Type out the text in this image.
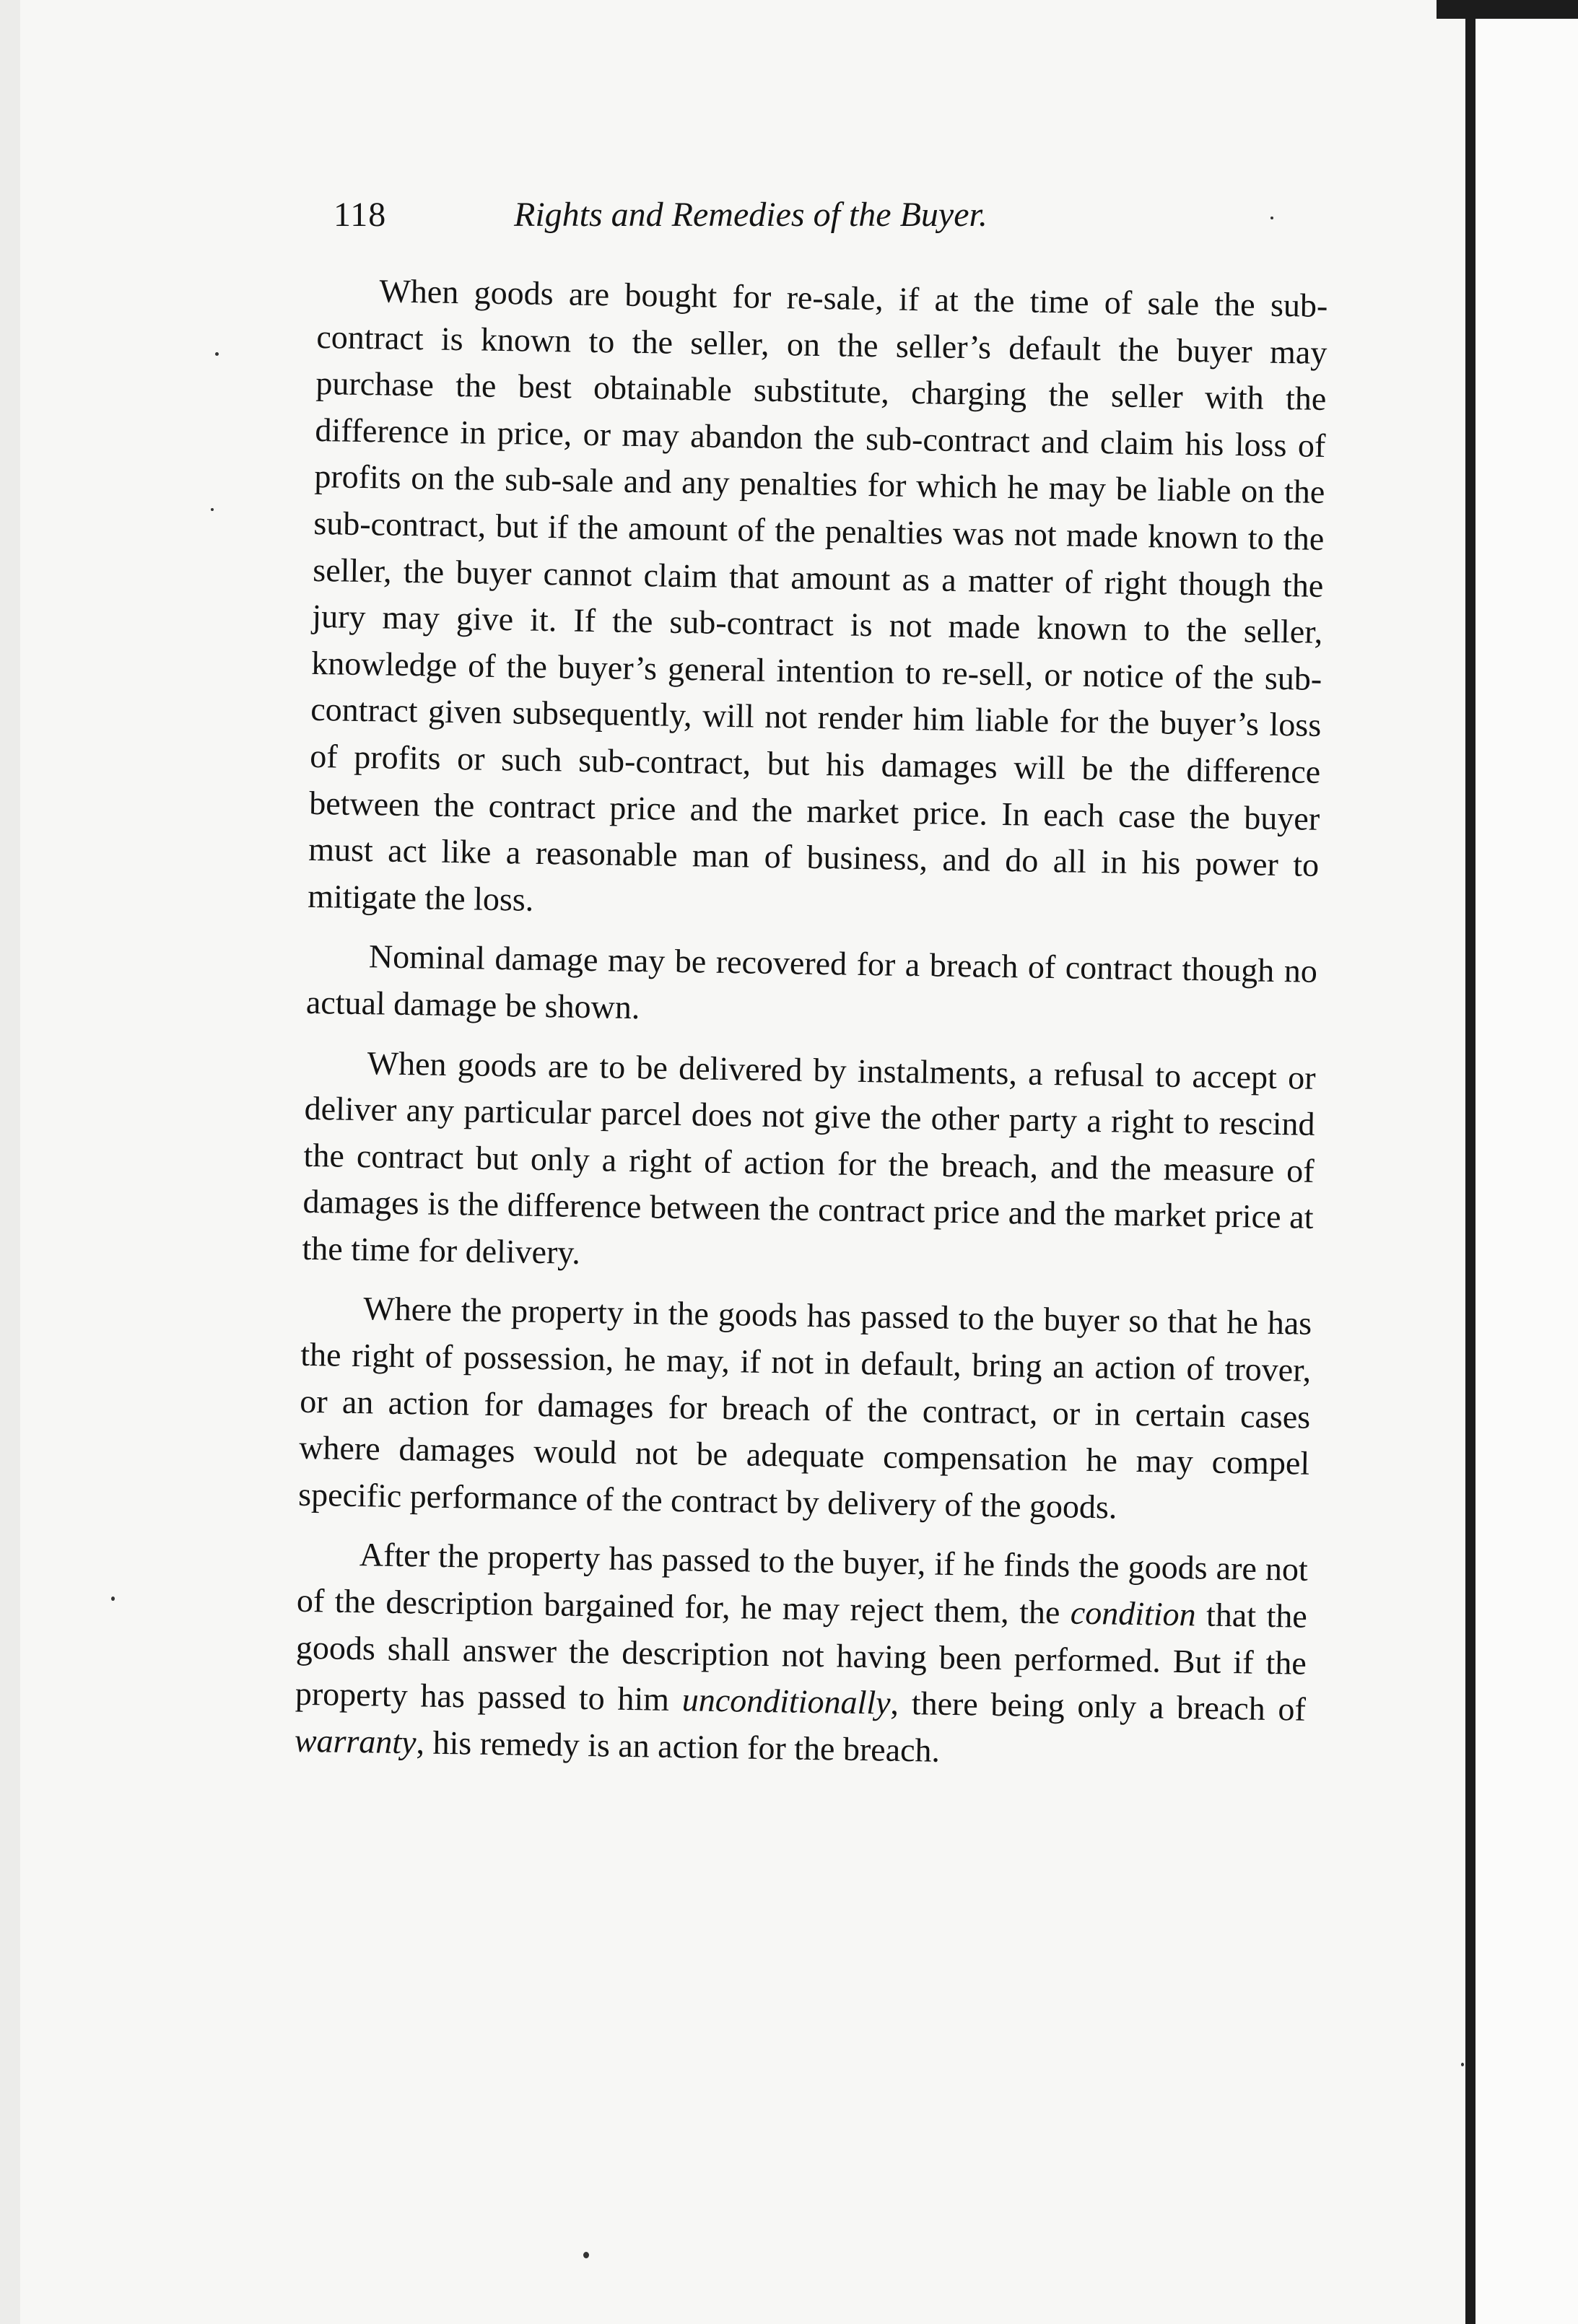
118	Rights and Remedies of the Buyer.

When goods are bought for re-sale, if at the time of sale the sub-contract is known to the seller, on the seller’s default the buyer may purchase the best obtainable substitute, charging the seller with the difference in price, or may abandon the sub-contract and claim his loss of profits on the sub-sale and any penalties for which he may be liable on the sub-contract, but if the amount of the penalties was not made known to the seller, the buyer cannot claim that amount as a matter of right though the jury may give it. If the sub-contract is not made known to the seller, knowledge of the buyer’s general intention to re-sell, or notice of the sub-contract given subsequently, will not render him liable for the buyer’s loss of profits or such sub-contract, but his damages will be the difference between the contract price and the market price. In each case the buyer must act like a reasonable man of business, and do all in his power to mitigate the loss.

Nominal damage may be recovered for a breach of contract though no actual damage be shown.

When goods are to be delivered by instalments, a refusal to accept or deliver any particular parcel does not give the other party a right to rescind the contract but only a right of action for the breach, and the measure of damages is the difference between the contract price and the market price at the time for delivery.

Where the property in the goods has passed to the buyer so that he has the right of possession, he may, if not in default, bring an action of trover, or an action for damages for breach of the contract, or in certain cases where damages would not be adequate compensation he may compel specific performance of the contract by delivery of the goods.

After the property has passed to the buyer, if he finds the goods are not of the description bargained for, he may reject them, the condition that the goods shall answer the description not having been performed. But if the property has passed to him unconditionally, there being only a breach of warranty, his remedy is an action for the breach.
